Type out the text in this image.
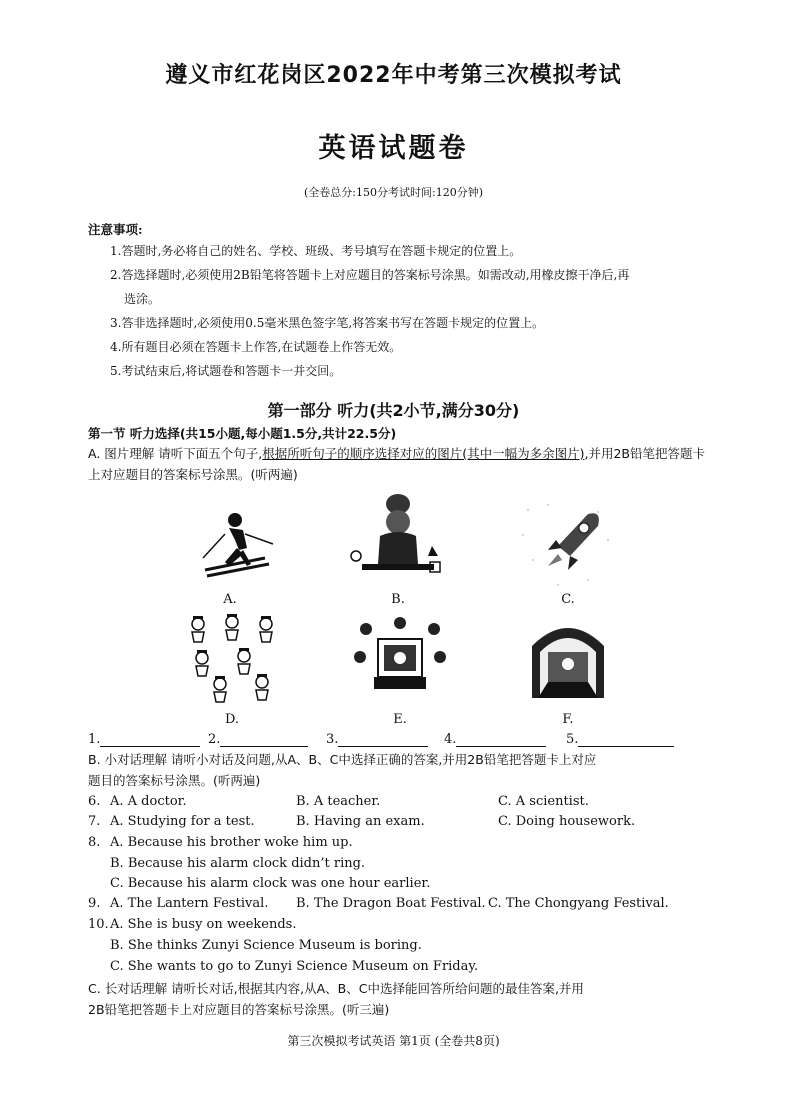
遵义市红花岗区2022年中考第三次模拟考试
英语试题卷
(全卷总分:150分考试时间:120分钟)
注意事项:
1.答题时,务必将自己的姓名、学校、班级、考号填写在答题卡规定的位置上。
2.答选择题时,必须使用2B铅笔将答题卡上对应题目的答案标号涂黑。如需改动,用橡皮擦干净后,再
选涂。
3.答非选择题时,必须使用0.5毫米黑色签字笔,将答案书写在答题卡规定的位置上。
4.所有题目必须在答题卡上作答,在试题卷上作答无效。
5.考试结束后,将试题卷和答题卡一并交回。
第一部分 听力(共2小节,满分30分)
第一节 听力选择(共15小题,每小题1.5分,共计22.5分)
A. 图片理解 请听下面五个句子,根据所听句子的顺序选择对应的图片(其中一幅为多余图片),并用2B铅笔把答题卡上对应题目的答案标号涂黑。(听两遍)
A.	B.	C.
D.	E.	F.
1.	2.	3.	4.	5.
B. 小对话理解 请听小对话及问题,从A、B、C中选择正确的答案,并用2B铅笔把答题卡上对应
题目的答案标号涂黑。(听两遍)
6. A. A doctor.	B. A teacher.	C. A scientist.
7. A. Studying for a test.	B. Having an exam.	C. Doing housework.
8. A. Because his brother woke him up.
B. Because his alarm clock didn’t ring.
C. Because his alarm clock was one hour earlier.
9. A. The Lantern Festival. B. The Dragon Boat Festival. C. The Chongyang Festival.
10. A. She is busy on weekends.
B. She thinks Zunyi Science Museum is boring.
C. She wants to go to Zunyi Science Museum on Friday.
C. 长对话理解 请听长对话,根据其内容,从A、B、C中选择能回答所给问题的最佳答案,并用
2B铅笔把答题卡上对应题目的答案标号涂黑。(听三遍)
第三次模拟考试英语 第1页 (全卷共8页)
